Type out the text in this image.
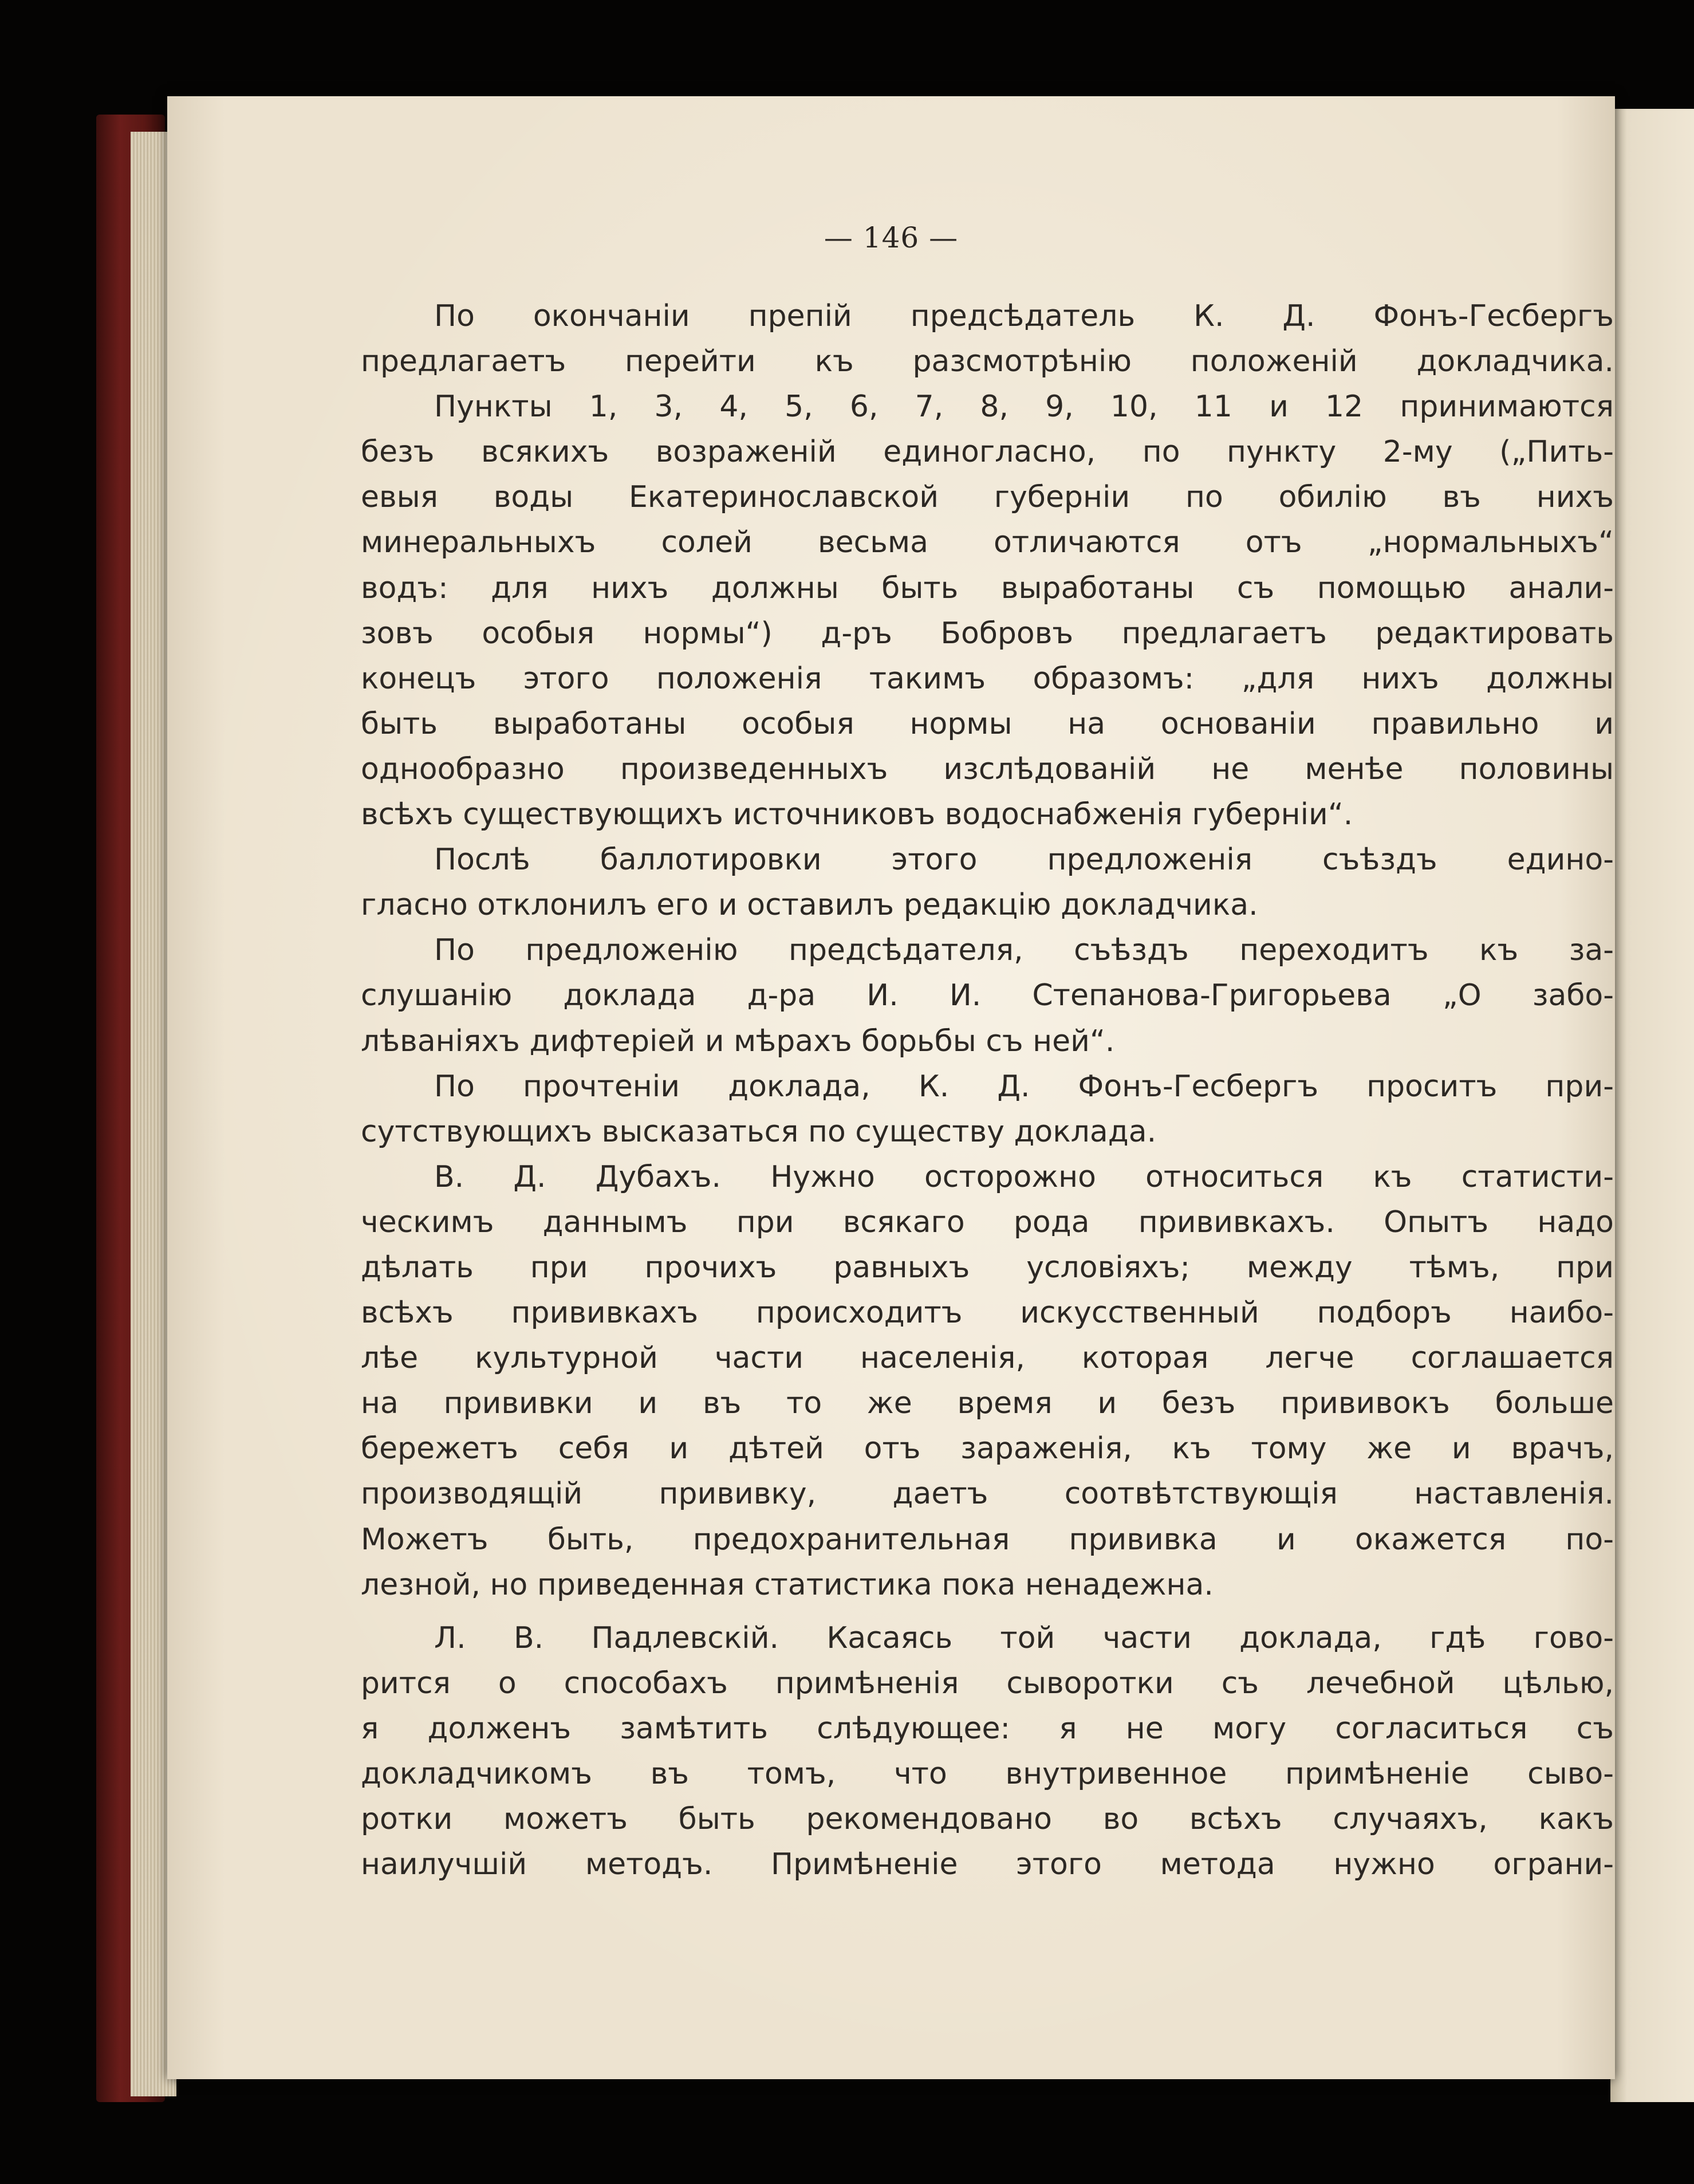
— 146 —
По окончанiи препiй предсѣдатель К. Д. Фонъ-Гесбергъ
предлагаетъ перейти къ разсмотрѣнiю положенiй докладчика.
Пункты 1, 3, 4, 5, 6, 7, 8, 9, 10, 11 и 12 принимаются
безъ всякихъ возраженiй единогласно, по пункту 2-му („Пить-
евыя воды Екатеринославской губернiи по обилiю въ нихъ
минеральныхъ солей весьма отличаются отъ „нормальныхъ“
водъ: для нихъ должны быть выработаны съ помощью анали-
зовъ особыя нормы“) д-ръ Бобровъ предлагаетъ редактировать
конецъ этого положенiя такимъ образомъ: „для нихъ должны
быть выработаны особыя нормы на основанiи правильно и
однообразно произведенныхъ изслѣдованiй не менѣе половины
всѣхъ существующихъ источниковъ водоснабженiя губернiи“.
Послѣ баллотировки этого предложенiя съѣздъ едино-
гласно отклонилъ его и оставилъ редакцiю докладчика.
По предложенiю предсѣдателя, съѣздъ переходитъ къ за-
слушанiю доклада д-ра И. И. Степанова-Григорьева „О забо-
лѣванiяхъ дифтерiей и мѣрахъ борьбы съ ней“.
По прочтенiи доклада, К. Д. Фонъ-Гесбергъ проситъ при-
сутствующихъ высказаться по существу доклада.
В. Д. Дубахъ. Нужно осторожно относиться къ статисти-
ческимъ даннымъ при всякаго рода прививкахъ. Опытъ надо
дѣлать при прочихъ равныхъ условiяхъ; между тѣмъ, при
всѣхъ прививкахъ происходитъ искусственный подборъ наибо-
лѣе культурной части населенiя, которая легче соглашается
на прививки и въ то же время и безъ прививокъ больше
бережетъ себя и дѣтей отъ зараженiя, къ тому же и врачъ,
производящiй прививку, даетъ соотвѣтствующiя наставленiя.
Можетъ быть, предохранительная прививка и окажется по-
лезной, но приведенная статистика пока ненадежна.
Л. В. Падлевскiй. Касаясь той части доклада, гдѣ гово-
рится о способахъ примѣненiя сыворотки съ лечебной цѣлью,
я долженъ замѣтить слѣдующее: я не могу согласиться съ
докладчикомъ въ томъ, что внутривенное примѣненiе сыво-
ротки можетъ быть рекомендовано во всѣхъ случаяхъ, какъ
наилучшiй методъ. Примѣненiе этого метода нужно ограни-
